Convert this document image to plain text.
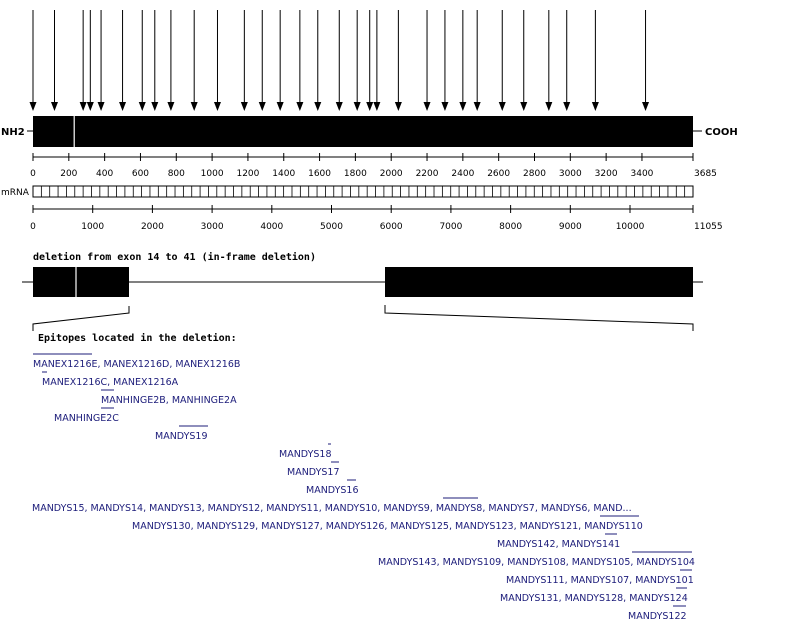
NH2	COOH
3685
0	200 400 600 800 1000 1200 1400 1600 1800 2000 2200 2400 2600 2800 3000 3200 3400
mRNA
11055
0	1000	2000	3000	4000	5000	6000	7000	8000	9000	10000
deletion from exon 14 to 41 (in-frame deletion)
Epitopes located in the deletion:
MANEX1216E, MANEX1216D, MANEX1216B
MANEX1216C, MANEX1216A
MANHINGE2B, MANHINGE2A
MANHINGE2C
MANDYS19
MANDYS18
MANDYS17
MANDYS16
MANDYS15, MANDYS14, MANDYS13, MANDYS12, MANDYS11, MANDYS10, MANDYS9, MANDYS8, MANDYS7, MANDYS6, MAND...
MANDYS130, MANDYS129, MANDYS127, MANDYS126, MANDYS125, MANDYS123, MANDYS121, MANDYS110
MANDYS142, MANDYS141
MANDYS143, MANDYS109, MANDYS108, MANDYS105, MANDYS104
MANDYS111, MANDYS107, MANDYS101
MANDYS131, MANDYS128, MANDYS124
MANDYS122
